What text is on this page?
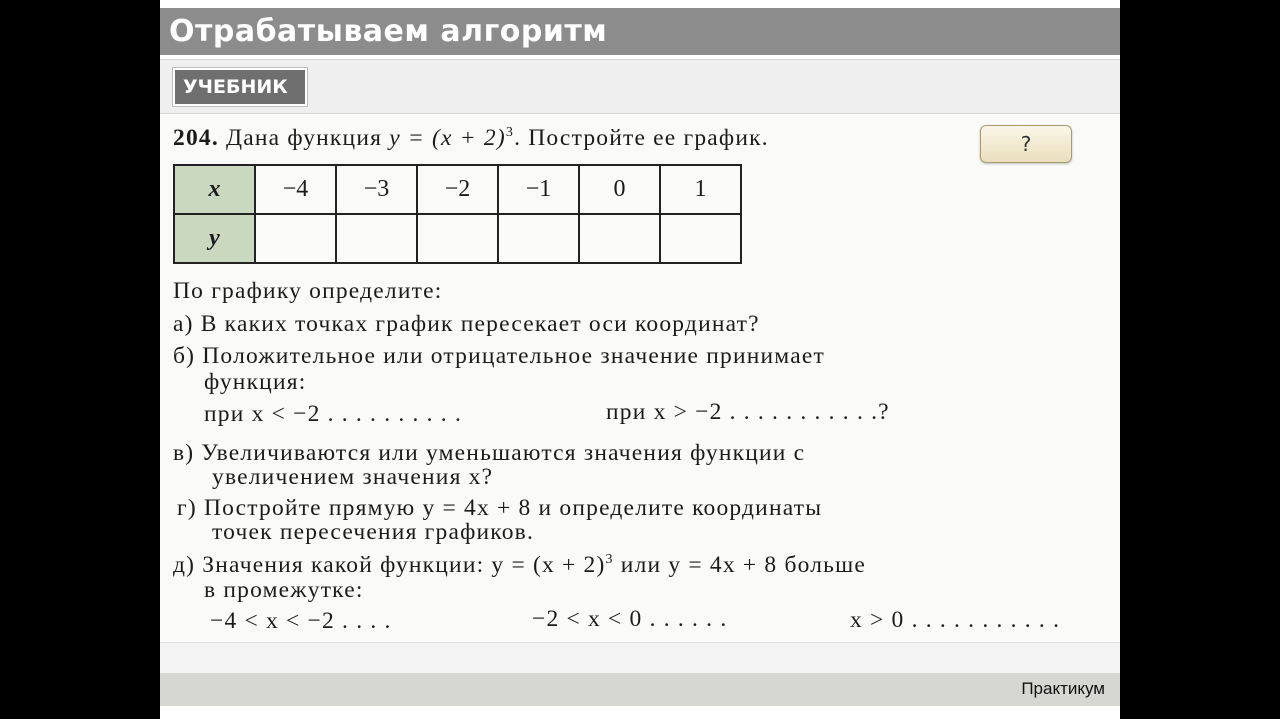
Отрабатываем алгоритм
УЧЕБНИК
204. Дана функция $y = (x + 2)^3$. Постройте ее график.	?
x	−4	−3	−2	−1	0	1
y						
По графику определите:
а) В каких точках график пересекает оси координат?
б) Положительное или отрицательное значение принимает
функция:
при x < −2 . . . . . . . . . .	при x > −2 . . . . . . . . . . .?
в) Увеличиваются или уменьшаются значения функции с
увеличением значения x?
г) Постройте прямую y = 4x + 8 и определите координаты
точек пересечения графиков.
д) Значения какой функции: $y = (x + 2)^3$ или y = 4x + 8 больше
в промежутке:
−4 < x < −2 . . . .	−2 < x < 0 . . . . . .	x > 0 . . . . . . . . . . .
Практикум
